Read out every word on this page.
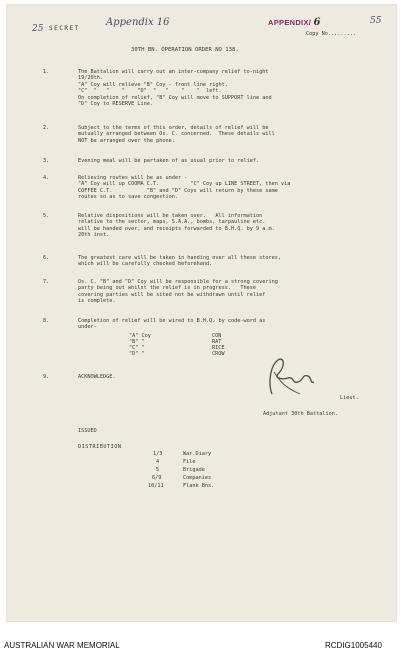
25 SECRET
Appendix 16	APPENDIX/ 6	55
Copy No.........
30TH BN. OPERATION ORDER NO 138.
1.	The Battalion will carry out an inter-company relief to-night
19/20th.
"A" Coy will relieve "B" Coy - front line right.
"C"  "   "    "    "D"  "   "    "    "  left.
On completion of relief, "B" Coy will move to SUPPORT line and
"D" Coy to RESERVE Line.
2.	Subject to the terms of this order, details of relief will be
mutually arranged between Os. C. concerned.  These details will
NOT be arranged over the phone.
3.	Evening meal will be partaken of as usual prior to relief.
4.	Relieving routes will be as under -
"A" Coy will up COOMA C.T.          "C" Coy up LINE STREET, then via
COFFEE C.T.           "B" and "D" Coys will return by these same
routes so as to save congestion.
5.	Relative dispositions will be taken over.   All information
relative to the sector, maps, S.A.A., bombs, tarpauline etc.
will be handed over, and receipts forwarded to B.H.Q. by 9 a.m.
20th inst.
6.	The greatest care will be taken in handing over all these stores,
which will be carefully checked beforehand.
7.	Os. C. "B" and "D" Coy will be responsible for a strong covering
party being out whilst the relief is in progress.   These
covering parties will be sited not be withdrawn until relief
is complete.
8.	Completion of relief will be wired to B.H.Q. by code-word as
under-
"A" Coy	CON
"B" "	RAT
"C" "	RICE
"D" "	CROW
9.	ACKNOWLEDGE.
Lieut.
Adjutant 30th Battalion.
ISSUED
DISTRIBUTION
1/3	War Diary
4	File
5	Brigade
6/9	Companies
10/11	Flank Bns.
AUSTRALIAN WAR MEMORIAL	RCDIG1005440
